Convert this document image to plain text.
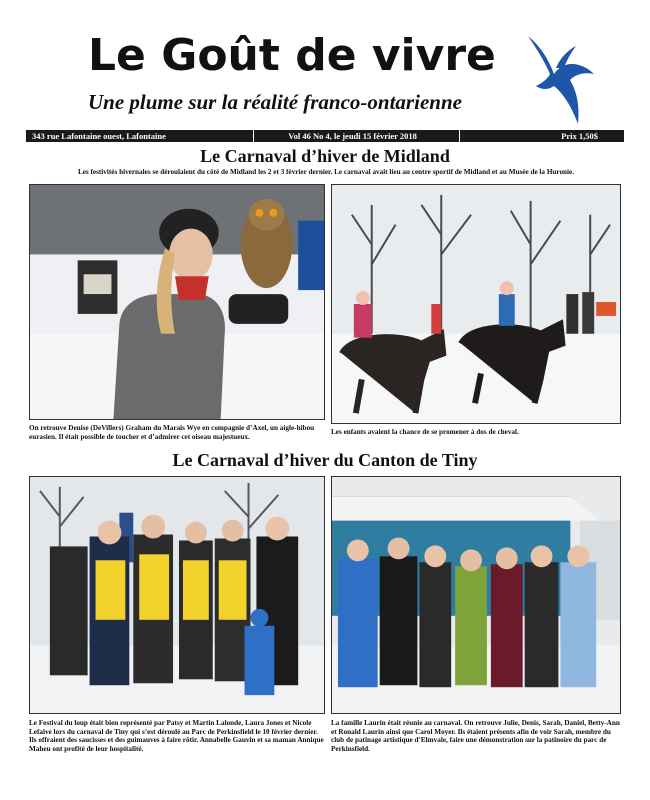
Le Goût de vivre
Une plume sur la réalité franco-ontarienne
343 rue Lafontaine ouest, Lafontaine	Vol 46 No 4, le jeudi 15 février 2018	Prix 1,50$
Le Carnaval d’hiver de Midland
Les festivités hivernales se déroulaient du côté de Midland les 2 et 3 février dernier. Le carnaval avait lieu au centre sportif de Midland et au Musée de la Huronie.
On retrouve Denise (DeVillers) Graham du Marais Wye en compagnie d’Axel, un aigle-hibou eurasien. Il était possible de toucher et d’admirer cet oiseau majestueux.
Les enfants avaient la chance de se promener à dos de cheval.
Le Carnaval d’hiver du Canton de Tiny
Le Festival du loup était bien représenté par Patsy et Martin Lalonde, Laura Jones et Nicole Lefaive lors du carnaval de Tiny qui s’est déroulé au Parc de Perkinsfield le 10 février dernier. Ils offraient des saucisses et des guimauves à faire rôtir. Annabelle Gauvin et sa maman Annique Maheu ont profité de leur hospitalité.
La famille Laurin était réunie au carnaval. On retrouve Julie, Denis, Sarah, Daniel, Betty-Ann et Ronald Laurin ainsi que Carol Moyer. Ils étaient présents afin de voir Sarah, membre du club de patinage artistique d’Elmvale, faire une démonstration sur la patinoire du parc de Perkinsfield.
